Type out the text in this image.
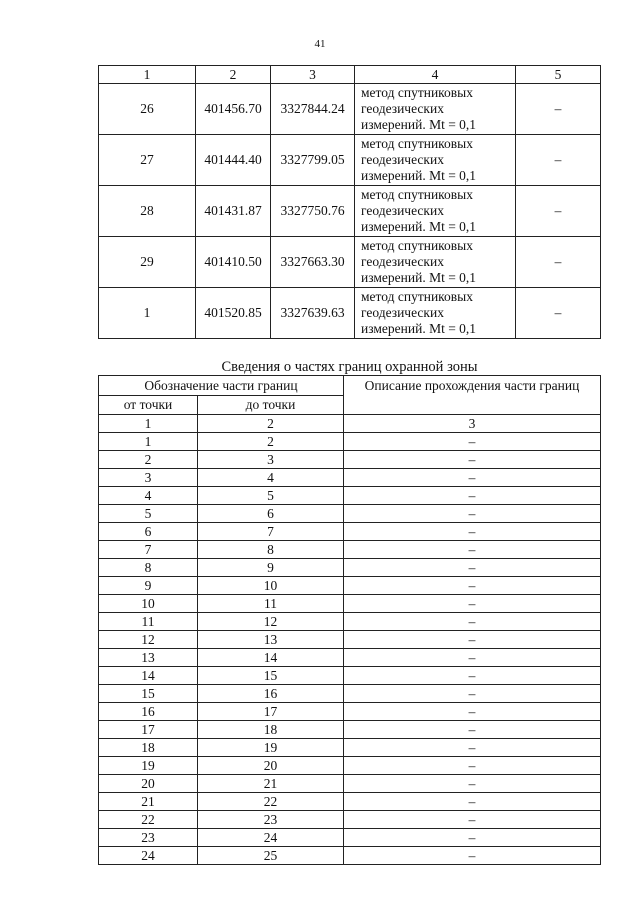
41
1	2	3	4	5
26	401456.70	3327844.24	метод спутниковых
геодезических
измерений. Mt = 0,1	–
27	401444.40	3327799.05	метод спутниковых
геодезических
измерений. Mt = 0,1	–
28	401431.87	3327750.76	метод спутниковых
геодезических
измерений. Mt = 0,1	–
29	401410.50	3327663.30	метод спутниковых
геодезических
измерений. Mt = 0,1	–
1	401520.85	3327639.63	метод спутниковых
геодезических
измерений. Mt = 0,1	–
Сведения о частях границ охранной зоны
Обозначение части границ		Описание прохождения части границ
от точки	до точки	
1	2	3
1	2	–
2	3	–
3	4	–
4	5	–
5	6	–
6	7	–
7	8	–
8	9	–
9	10	–
10	11	–
11	12	–
12	13	–
13	14	–
14	15	–
15	16	–
16	17	–
17	18	–
18	19	–
19	20	–
20	21	–
21	22	–
22	23	–
23	24	–
24	25	–
